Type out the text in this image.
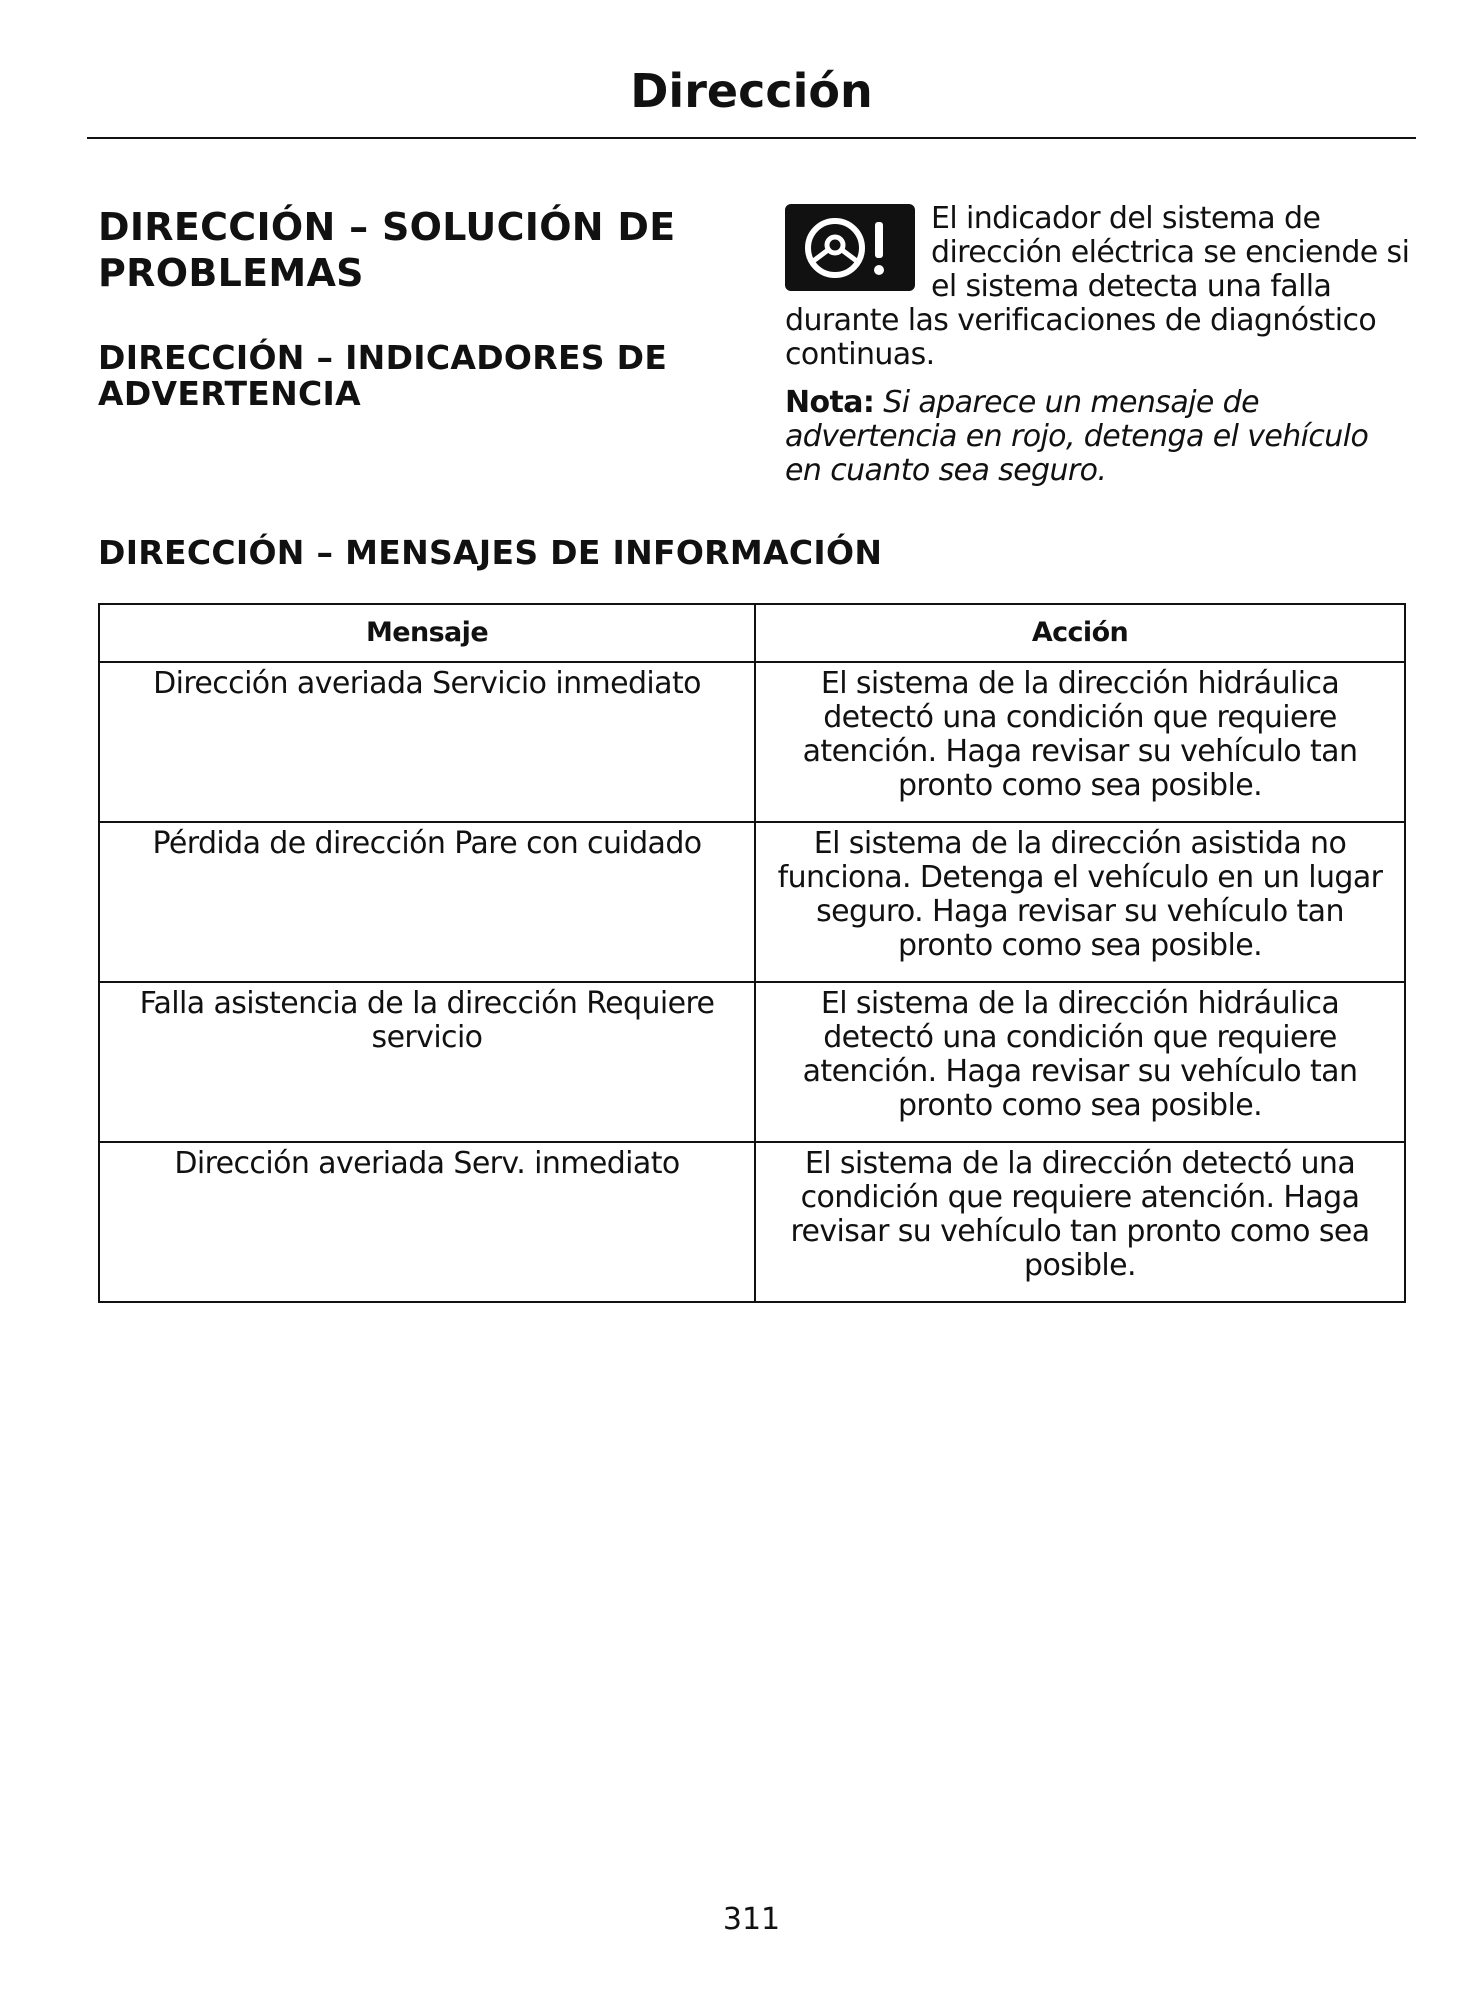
Dirección
DIRECCIÓN – SOLUCIÓN DE PROBLEMAS
DIRECCIÓN – INDICADORES DE ADVERTENCIA
El indicador del sistema de dirección eléctrica se enciende si el sistema detecta una falla durante las verificaciones de diagnóstico continuas.
Nota: Si aparece un mensaje de advertencia en rojo, detenga el vehículo en cuanto sea seguro.
DIRECCIÓN – MENSAJES DE INFORMACIÓN
Mensaje	Acción
Dirección averiada Servicio inmediato	El sistema de la dirección hidráulica detectó una condición que requiere atención. Haga revisar su vehículo tan pronto como sea posible.
Pérdida de dirección Pare con cuidado	El sistema de la dirección asistida no funciona. Detenga el vehículo en un lugar seguro. Haga revisar su vehículo tan pronto como sea posible.
Falla asistencia de la dirección Requiere servicio	El sistema de la dirección hidráulica detectó una condición que requiere atención. Haga revisar su vehículo tan pronto como sea posible.
Dirección averiada Serv. inmediato	El sistema de la dirección detectó una condición que requiere atención. Haga revisar su vehículo tan pronto como sea posible.
311
